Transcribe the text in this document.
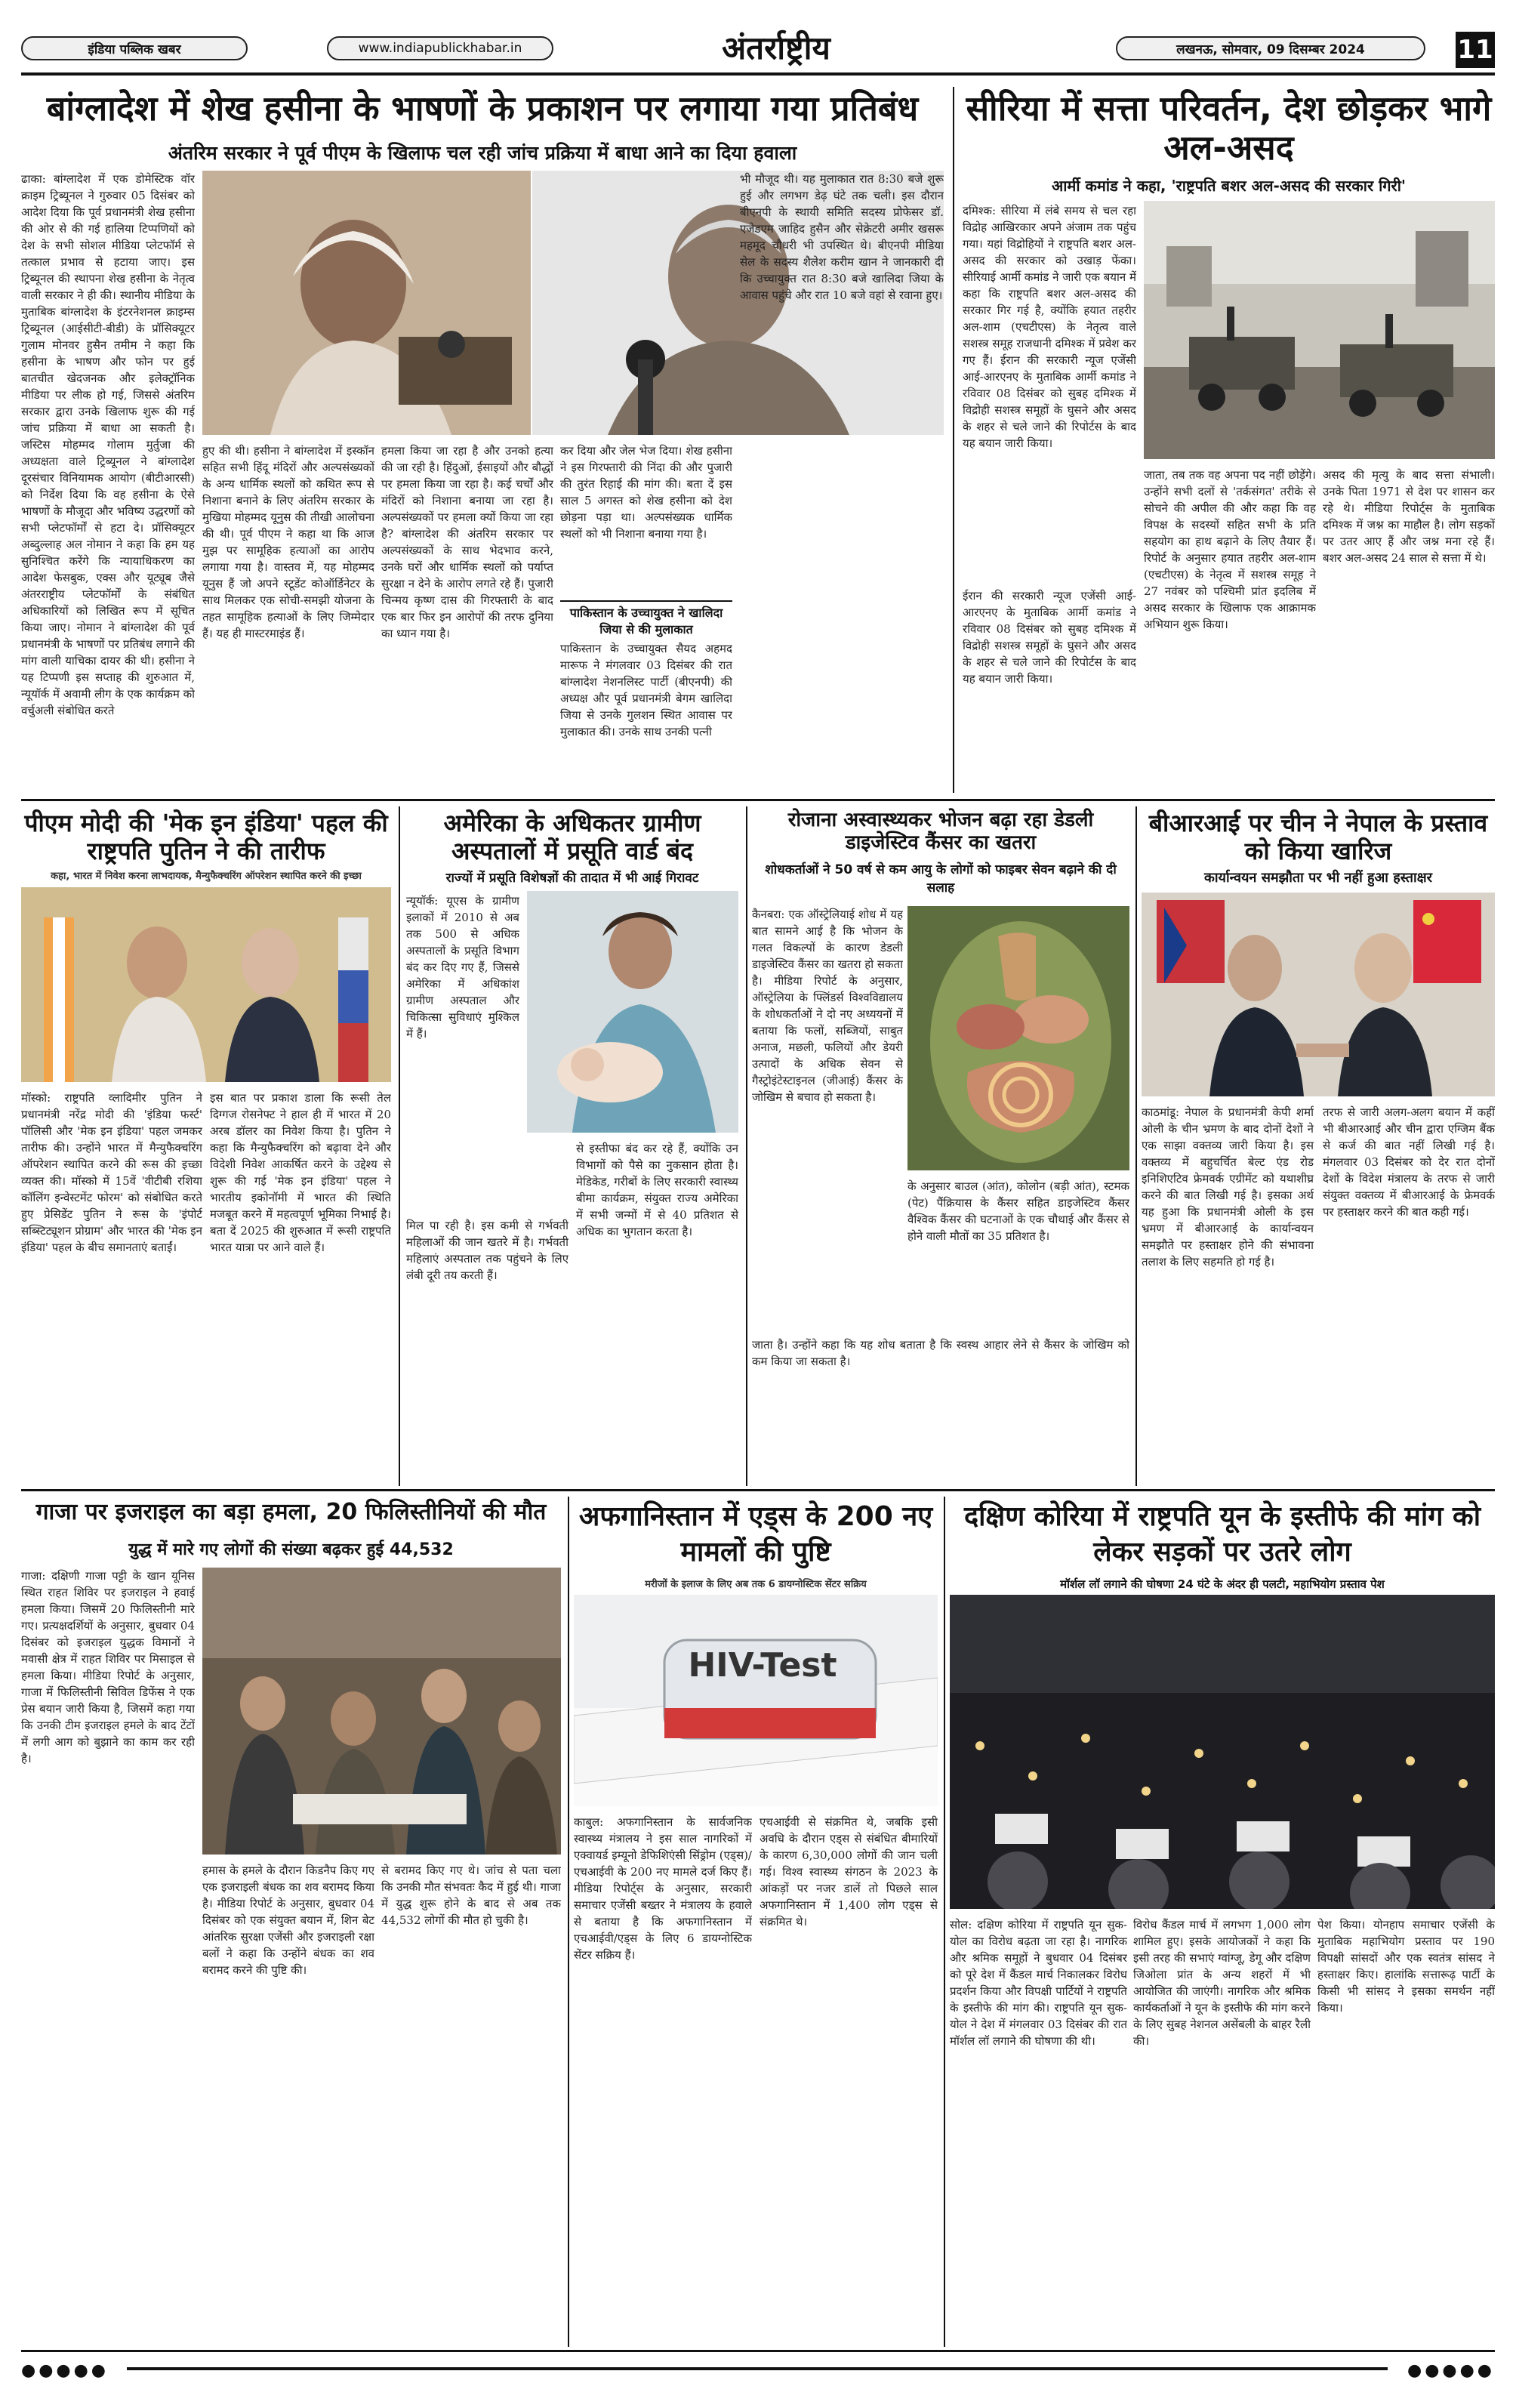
इंडिया पब्लिक खबर	www.indiapublickhabar.in	अंतर्राष्ट्रीय	लखनऊ, सोमवार, 09 दिसम्बर 2024	11
बांग्लादेश में शेख हसीना के भाषणों के प्रकाशन पर लगाया गया प्रतिबंध
अंतरिम सरकार ने पूर्व पीएम के खिलाफ चल रही जांच प्रक्रिया में बाधा आने का दिया हवाला
ढाका: बांग्लादेश में एक डोमेस्टिक वॉर क्राइम ट्रिब्यूनल ने गुरुवार 05 दिसंबर को आदेश दिया कि पूर्व प्रधानमंत्री शेख हसीना की ओर से की गई हालिया टिप्पणियों को देश के सभी सोशल मीडिया प्लेटफॉर्म से तत्काल प्रभाव से हटाया जाए। इस ट्रिब्यूनल की स्थापना शेख हसीना के नेतृत्व वाली सरकार ने ही की। स्थानीय मीडिया के मुताबिक बांग्लादेश के इंटरनेशनल क्राइम्स ट्रिब्यूनल (आईसीटी-बीडी) के प्रॉसिक्यूटर गुलाम मोनवर हुसैन तमीम ने कहा कि हसीना के भाषण और फोन पर हुई बातचीत खेदजनक और इलेक्ट्रॉनिक मीडिया पर लीक हो गई, जिससे अंतरिम सरकार द्वारा उनके खिलाफ शुरू की गई जांच प्रक्रिया में बाधा आ सकती है। जस्टिस मोहम्मद गोलाम मुर्तुजा की अध्यक्षता वाले ट्रिब्यूनल ने बांग्लादेश दूरसंचार विनियामक आयोग (बीटीआरसी) को निर्देश दिया कि वह हसीना के ऐसे भाषणों के मौजूदा और भविष्य उद्धरणों को सभी प्लेटफॉर्मों से हटा दे। प्रॉसिक्यूटर अब्दुल्लाह अल नोमान ने कहा कि हम यह सुनिश्चित करेंगे कि न्यायाधिकरण का आदेश फेसबुक, एक्स और यूट्यूब जैसे अंतरराष्ट्रीय प्लेटफॉर्मों के संबंधित अधिकारियों को लिखित रूप में सूचित किया जाए। नोमान ने बांग्लादेश की पूर्व प्रधानमंत्री के भाषणों पर प्रतिबंध लगाने की मांग वाली याचिका दायर की थी। हसीना ने यह टिप्पणी इस सप्ताह की शुरुआत में, न्यूयॉर्क में अवामी लीग के एक कार्यक्रम को वर्चुअली संबोधित करते
हुए की थी। हसीना ने बांग्लादेश में इस्कॉन सहित सभी हिंदू मंदिरों और अल्पसंख्यकों के अन्य धार्मिक स्थलों को कथित रूप से निशाना बनाने के लिए अंतरिम सरकार के मुखिया मोहम्मद यूनुस की तीखी आलोचना की थी। पूर्व पीएम ने कहा था कि आज मुझ पर सामूहिक हत्याओं का आरोप लगाया गया है। वास्तव में, यह मोहम्मद यूनुस हैं जो अपने स्टूडेंट कोऑर्डिनेटर के साथ मिलकर एक सोची-समझी योजना के तहत सामूहिक हत्याओं के लिए जिम्मेदार हैं। यह ही मास्टरमाइंड हैं।
हमला किया जा रहा है और उनको हत्या की जा रही है। हिंदुओं, ईसाइयों और बौद्धों पर हमला किया जा रहा है। कई चर्चों और मंदिरों को निशाना बनाया जा रहा है। अल्पसंख्यकों पर हमला क्यों किया जा रहा है? बांग्लादेश की अंतरिम सरकार पर अल्पसंख्यकों के साथ भेदभाव करने, उनके घरों और धार्मिक स्थलों को पर्याप्त सुरक्षा न देने के आरोप लगते रहे हैं। पुजारी चिन्मय कृष्ण दास की गिरफ्तारी के बाद एक बार फिर इन आरोपों की तरफ दुनिया का ध्यान गया है।
कर दिया और जेल भेज दिया। शेख हसीना ने इस गिरफ्तारी की निंदा की और पुजारी की तुरंत रिहाई की मांग की। बता दें इस साल 5 अगस्त को शेख हसीना को देश छोड़ना पड़ा था। अल्पसंख्यक धार्मिक स्थलों को भी निशाना बनाया गया है।
पाकिस्तान के उच्चायुक्त ने खालिदा जिया से की मुलाकात
पाकिस्तान के उच्चायुक्त सैयद अहमद मारूफ ने मंगलवार 03 दिसंबर की रात बांग्लादेश नेशनलिस्ट पार्टी (बीएनपी) की अध्यक्ष और पूर्व प्रधानमंत्री बेगम खालिदा जिया से उनके गुलशन स्थित आवास पर मुलाकात की। उनके साथ उनकी पत्नी
भी मौजूद थी। यह मुलाकात रात 8:30 बजे शुरू हुई और लगभग डेढ़ घंटे तक चली। इस दौरान बीएनपी के स्थायी समिति सदस्य प्रोफेसर डॉ. एजेडएम जाहिद हुसैन और सेक्रेटरी अमीर खसरू महमूद चौधरी भी उपस्थित थे। बीएनपी मीडिया सेल के सदस्य शैलेश करीम खान ने जानकारी दी कि उच्चायुक्त रात 8:30 बजे खालिदा जिया के आवास पहुंचे और रात 10 बजे वहां से रवाना हुए।
सीरिया में सत्ता परिवर्तन, देश छोड़कर भागे अल-असद
आर्मी कमांड ने कहा, 'राष्ट्रपति बशर अल-असद की सरकार गिरी'
दमिश्क: सीरिया में लंबे समय से चल रहा विद्रोह आखिरकार अपने अंजाम तक पहुंच गया। यहां विद्रोहियों ने राष्ट्रपति बशर अल-असद की सरकार को उखाड़ फेंका। सीरियाई आर्मी कमांड ने जारी एक बयान में कहा कि राष्ट्रपति बशर अल-असद की सरकार गिर गई है, क्योंकि हयात तहरीर अल-शाम (एचटीएस) के नेतृत्व वाले सशस्त्र समूह राजधानी दमिश्क में प्रवेश कर गए हैं। ईरान की सरकारी न्यूज एजेंसी आई-आरएनए के मुताबिक आर्मी कमांड ने रविवार 08 दिसंबर को सुबह दमिश्क में विद्रोही सशस्त्र समूहों के घुसने और असद के शहर से चले जाने की रिपोर्टस के बाद यह बयान जारी किया।
ईरान की सरकारी न्यूज एजेंसी आई-आरएनए के मुताबिक आर्मी कमांड ने रविवार 08 दिसंबर को सुबह दमिश्क में विद्रोही सशस्त्र समूहों के घुसने और असद के शहर से चले जाने की रिपोर्टस के बाद यह बयान जारी किया।
जाता, तब तक वह अपना पद नहीं छोड़ेंगे। उन्होंने सभी दलों से 'तर्कसंगत' तरीके से सोचने की अपील की और कहा कि वह विपक्ष के सदस्यों सहित सभी के प्रति सहयोग का हाथ बढ़ाने के लिए तैयार हैं। रिपोर्ट के अनुसार हयात तहरीर अल-शाम (एचटीएस) के नेतृत्व में सशस्त्र समूह ने 27 नवंबर को पश्चिमी प्रांत इदलिब में असद सरकार के खिलाफ एक आक्रामक अभियान शुरू किया।
असद की मृत्यु के बाद सत्ता संभाली। उनके पिता 1971 से देश पर शासन कर रहे थे। मीडिया रिपोर्ट्स के मुताबिक दमिश्क में जश्न का माहौल है। लोग सड़कों पर उतर आए हैं और जश्न मना रहे हैं। बशर अल-असद 24 साल से सत्ता में थे।
पीएम मोदी की 'मेक इन इंडिया' पहल की राष्ट्रपति पुतिन ने की तारीफ
कहा, भारत में निवेश करना लाभदायक, मैन्युफैक्चरिंग ऑपरेशन स्थापित करने की इच्छा
मॉस्को: राष्ट्रपति व्लादिमीर पुतिन ने प्रधानमंत्री नरेंद्र मोदी की 'इंडिया फर्स्ट' पॉलिसी और 'मेक इन इंडिया' पहल जमकर तारीफ की। उन्होंने भारत में मैन्युफैक्चरिंग ऑपरेशन स्थापित करने की रूस की इच्छा व्यक्त की। मॉस्को में 15वें 'वीटीबी रशिया कॉलिंग इन्वेस्टमेंट फोरम' को संबोधित करते हुए प्रेसिडेंट पुतिन ने रूस के 'इंपोर्ट सब्स्टिट्यूशन प्रोग्राम' और भारत की 'मेक इन इंडिया' पहल के बीच समानताएं बताईं।
इस बात पर प्रकाश डाला कि रूसी तेल दिग्गज रोसनेफ्ट ने हाल ही में भारत में 20 अरब डॉलर का निवेश किया है। पुतिन ने कहा कि मैन्युफैक्चरिंग को बढ़ावा देने और विदेशी निवेश आकर्षित करने के उद्देश्य से शुरू की गई 'मेक इन इंडिया' पहल ने भारतीय इकोनॉमी में भारत की स्थिति मजबूत करने में महत्वपूर्ण भूमिका निभाई है। बता दें 2025 की शुरुआत में रूसी राष्ट्रपति भारत यात्रा पर आने वाले हैं।
अमेरिका के अधिकतर ग्रामीण अस्पतालों में प्रसूति वार्ड बंद
राज्यों में प्रसूति विशेषज्ञों की तादात में भी आई गिरावट
न्यूयॉर्क: यूएस के ग्रामीण इलाकों में 2010 से अब तक 500 से अधिक अस्पतालों के प्रसूति विभाग बंद कर दिए गए हैं, जिससे अमेरिका में अधिकांश ग्रामीण अस्पताल और चिकित्सा सुविधाएं मुश्किल में हैं।
मिल पा रही है। इस कमी से गर्भवती महिलाओं की जान खतरे में है। गर्भवती महिलाएं अस्पताल तक पहुंचने के लिए लंबी दूरी तय करती हैं।
से इस्तीफा बंद कर रहे हैं, क्योंकि उन विभागों को पैसे का नुकसान होता है। मेडिकेड, गरीबों के लिए सरकारी स्वास्थ्य बीमा कार्यक्रम, संयुक्त राज्य अमेरिका में सभी जन्मों में से 40 प्रतिशत से अधिक का भुगतान करता है।
रोजाना अस्वास्थ्यकर भोजन बढ़ा रहा डेडली डाइजेस्टिव कैंसर का खतरा
शोधकर्ताओं ने 50 वर्ष से कम आयु के लोगों को फाइबर सेवन बढ़ाने की दी सलाह
कैनबरा: एक ऑस्ट्रेलियाई शोध में यह बात सामने आई है कि भोजन के गलत विकल्पों के कारण डेडली डाइजेस्टिव कैंसर का खतरा हो सकता है। मीडिया रिपोर्ट के अनुसार, ऑस्ट्रेलिया के फ्लिंडर्स विश्वविद्यालय के शोधकर्ताओं ने दो नए अध्ययनों में बताया कि फलों, सब्जियों, साबुत अनाज, मछली, फलियों और डेयरी उत्पादों के अधिक सेवन से गैस्ट्रोइंटेस्टाइनल (जीआई) कैंसर के जोखिम से बचाव हो सकता है।
के अनुसार बाउल (आंत), कोलोन (बड़ी आंत), स्टमक (पेट) पैंक्रियास के कैंसर सहित डाइजेस्टिव कैंसर वैश्विक कैंसर की घटनाओं के एक चौथाई और कैंसर से होने वाली मौतों का 35 प्रतिशत है।
जाता है। उन्होंने कहा कि यह शोध बताता है कि स्वस्थ आहार लेने से कैंसर के जोखिम को कम किया जा सकता है।
बीआरआई पर चीन ने नेपाल के प्रस्ताव को किया खारिज
कार्यान्वयन समझौता पर भी नहीं हुआ हस्ताक्षर
काठमांडू: नेपाल के प्रधानमंत्री केपी शर्मा ओली के चीन भ्रमण के बाद दोनों देशों ने एक साझा वक्तव्य जारी किया है। इस वक्तव्य में बहुचर्चित बेल्ट एंड रोड इनिशिएटिव फ्रेमवर्क एग्रीमेंट को यथाशीघ्र करने की बात लिखी गई है। इसका अर्थ यह हुआ कि प्रधानमंत्री ओली के इस भ्रमण में बीआरआई के कार्यान्वयन समझौते पर हस्ताक्षर होने की संभावना तलाश के लिए सहमति हो गई है।
तरफ से जारी अलग-अलग बयान में कहीं भी बीआरआई और चीन द्वारा एग्जिम बैंक से कर्ज की बात नहीं लिखी गई है। मंगलवार 03 दिसंबर को देर रात दोनों देशों के विदेश मंत्रालय के तरफ से जारी संयुक्त वक्तव्य में बीआरआई के फ्रेमवर्क पर हस्ताक्षर करने की बात कही गई।
गाजा पर इजराइल का बड़ा हमला, 20 फिलिस्तीनियों की मौत
युद्ध में मारे गए लोगों की संख्या बढ़कर हुई 44,532
गाजा: दक्षिणी गाजा पट्टी के खान यूनिस स्थित राहत शिविर पर इजराइल ने हवाई हमला किया। जिसमें 20 फिलिस्तीनी मारे गए। प्रत्यक्षदर्शियों के अनुसार, बुधवार 04 दिसंबर को इजराइल युद्धक विमानों ने मवासी क्षेत्र में राहत शिविर पर मिसाइल से हमला किया। मीडिया रिपोर्ट के अनुसार, गाजा में फिलिस्तीनी सिविल डिफेंस ने एक प्रेस बयान जारी किया है, जिसमें कहा गया कि उनकी टीम इजराइल हमले के बाद टेंटों में लगी आग को बुझाने का काम कर रही है।
हमास के हमले के दौरान किडनैप किए गए एक इजराइली बंधक का शव बरामद किया है। मीडिया रिपोर्ट के अनुसार, बुधवार 04 दिसंबर को एक संयुक्त बयान में, शिन बेट आंतरिक सुरक्षा एजेंसी और इजराइली रक्षा बलों ने कहा कि उन्होंने बंधक का शव बरामद करने की पुष्टि की।
से बरामद किए गए थे। जांच से पता चला कि उनकी मौत संभवतः कैद में हुई थी। गाजा में युद्ध शुरू होने के बाद से अब तक 44,532 लोगों की मौत हो चुकी है।
अफगानिस्तान में एड्स के 200 नए मामलों की पुष्टि
मरीजों के इलाज के लिए अब तक 6 डायग्नोस्टिक सेंटर सक्रिय
HIV-Test
काबुल: अफगानिस्तान के सार्वजनिक स्वास्थ्य मंत्रालय ने इस साल नागरिकों में एक्वायर्ड इम्यूनो डेफिशिएंसी सिंड्रोम (एड्स)/एचआईवी के 200 नए मामले दर्ज किए हैं। मीडिया रिपोर्ट्स के अनुसार, सरकारी समाचार एजेंसी बख्तर ने मंत्रालय के हवाले से बताया है कि अफगानिस्तान में एचआईवी/एड्स के लिए 6 डायग्नोस्टिक सेंटर सक्रिय हैं।
एचआईवी से संक्रमित थे, जबकि इसी अवधि के दौरान एड्स से संबंधित बीमारियों के कारण 6,30,000 लोगों की जान चली गई। विश्व स्वास्थ्य संगठन के 2023 के आंकड़ों पर नजर डालें तो पिछले साल अफगानिस्तान में 1,400 लोग एड्स से संक्रमित थे।
दक्षिण कोरिया में राष्ट्रपति यून के इस्तीफे की मांग को लेकर सड़कों पर उतरे लोग
मॉर्शल लॉ लगाने की घोषणा 24 घंटे के अंदर ही पलटी, महाभियोग प्रस्ताव पेश
सोल: दक्षिण कोरिया में राष्ट्रपति यून सुक-योल का विरोध बढ़ता जा रहा है। नागरिक और श्रमिक समूहों ने बुधवार 04 दिसंबर को पूरे देश में कैंडल मार्च निकालकर विरोध प्रदर्शन किया और विपक्षी पार्टियों ने राष्ट्रपति के इस्तीफे की मांग की। राष्ट्रपति यून सुक-योल ने देश में मंगलवार 03 दिसंबर की रात मॉर्शल लॉ लगाने की घोषणा की थी।
विरोध कैंडल मार्च में लगभग 1,000 लोग शामिल हुए। इसके आयोजकों ने कहा कि इसी तरह की सभाएं ग्वांग्जू, डेगू और दक्षिण जिओला प्रांत के अन्य शहरों में भी आयोजित की जाएंगी। नागरिक और श्रमिक कार्यकर्ताओं ने यून के इस्तीफे की मांग करने के लिए सुबह नेशनल असेंबली के बाहर रैली की।
पेश किया। योनहाप समाचार एजेंसी के मुताबिक महाभियोग प्रस्ताव पर 190 विपक्षी सांसदों और एक स्वतंत्र सांसद ने हस्ताक्षर किए। हालांकि सत्तारूढ़ पार्टी के किसी भी सांसद ने इसका समर्थन नहीं किया।
●●●●●	●●●●●
